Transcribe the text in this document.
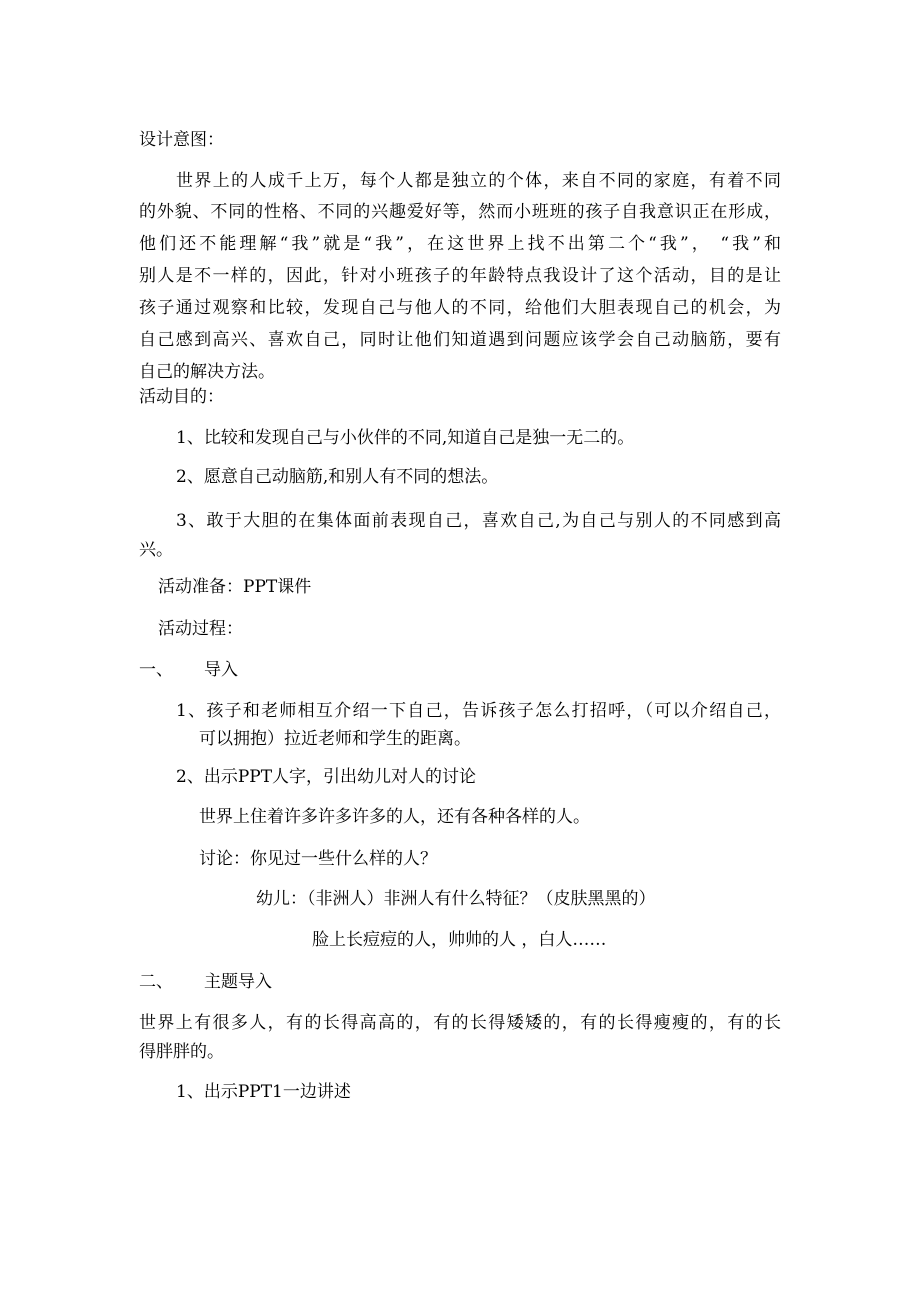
设计意图：
世界上的人成千上万，每个人都是独立的个体，来自不同的家庭，有着不同
的外貌、不同的性格、不同的兴趣爱好等，然而小班班的孩子自我意识正在形成，
他们还不能理解“我”就是“我”，在这世界上找不出第二个“我”， “我”和
别人是不一样的，因此，针对小班孩子的年龄特点我设计了这个活动，目的是让
孩子通过观察和比较，发现自己与他人的不同，给他们大胆表现自己的机会，为
自己感到高兴、喜欢自己，同时让他们知道遇到问题应该学会自己动脑筋，要有
自己的解决方法。
活动目的：
1、比较和发现自己与小伙伴的不同,知道自己是独一无二的。
2、愿意自己动脑筋,和别人有不同的想法。
3、敢于大胆的在集体面前表现自己，喜欢自己,为自己与别人的不同感到高
兴。
活动准备：PPT课件
活动过程：
一、 导入
1、孩子和老师相互介绍一下自己，告诉孩子怎么打招呼，（可以介绍自己，
可以拥抱）拉近老师和学生的距离。
2、出示PPT人字，引出幼儿对人的讨论
世界上住着许多许多许多的人，还有各种各样的人。
讨论：你见过一些什么样的人？
幼儿：（非洲人）非洲人有什么特征？（皮肤黑黑的）
脸上长痘痘的人，帅帅的人 ，白人……
二、 主题导入
世界上有很多人，有的长得高高的，有的长得矮矮的，有的长得瘦瘦的，有的长
得胖胖的。
1、出示PPT1一边讲述
